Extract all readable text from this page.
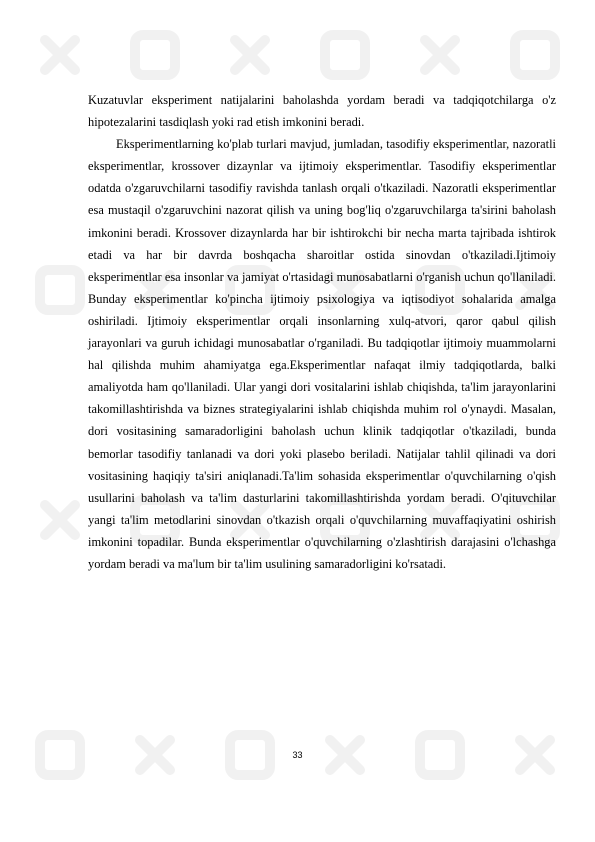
Kuzatuvlar eksperiment natijalarini baholashda yordam beradi va tadqiqotchilarga o'z hipotezalarini tasdiqlash yoki rad etish imkonini beradi.

Eksperimentlarning ko'plab turlari mavjud, jumladan, tasodifiy eksperimentlar, nazoratli eksperimentlar, krossover dizaynlar va ijtimoiy eksperimentlar. Tasodifiy eksperimentlar odatda o'zgaruvchilarni tasodifiy ravishda tanlash orqali o'tkaziladi. Nazoratli eksperimentlar esa mustaqil o'zgaruvchini nazorat qilish va uning bog'liq o'zgaruvchilarga ta'sirini baholash imkonini beradi. Krossover dizaynlarda har bir ishtirokchi bir necha marta tajribada ishtirok etadi va har bir davrda boshqacha sharoitlar ostida sinovdan o'tkaziladi.Ijtimoiy eksperimentlar esa insonlar va jamiyat o'rtasidagi munosabatlarni o'rganish uchun qo'llaniladi. Bunday eksperimentlar ko'pincha ijtimoiy psixologiya va iqtisodiyot sohalarida amalga oshiriladi. Ijtimoiy eksperimentlar orqali insonlarning xulq-atvori, qaror qabul qilish jarayonlari va guruh ichidagi munosabatlar o'rganiladi. Bu tadqiqotlar ijtimoiy muammolarni hal qilishda muhim ahamiyatga ega.Eksperimentlar nafaqat ilmiy tadqiqotlarda, balki amaliyotda ham qo'llaniladi. Ular yangi dori vositalarini ishlab chiqishda, ta'lim jarayonlarini takomillashtirishda va biznes strategiyalarini ishlab chiqishda muhim rol o'ynaydi. Masalan, dori vositasining samaradorligini baholash uchun klinik tadqiqotlar o'tkaziladi, bunda bemorlar tasodifiy tanlanadi va dori yoki plasebo beriladi. Natijalar tahlil qilinadi va dori vositasining haqiqiy ta'siri aniqlanadi.Ta'lim sohasida eksperimentlar o'quvchilarning o'qish usullarini baholash va ta'lim dasturlarini takomillashtirishda yordam beradi. O'qituvchilar yangi ta'lim metodlarini sinovdan o'tkazish orqali o'quvchilarning muvaffaqiyatini oshirish imkonini topadilar. Bunda eksperimentlar o'quvchilarning o'zlashtirish darajasini o'lchashga yordam beradi va ma'lum bir ta'lim usulining samaradorligini ko'rsatadi.

33
